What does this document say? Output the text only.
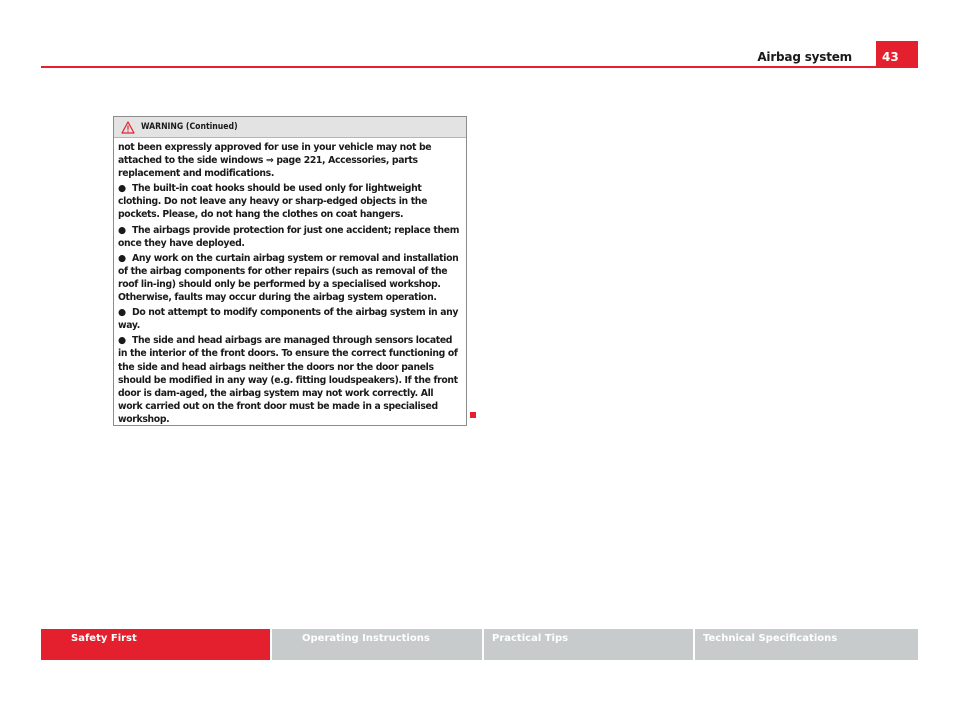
Airbag system	43
WARNING (Continued)

not been expressly approved for use in your vehicle may not be attached to the side windows ⇒ page 221, Accessories, parts replacement and modifications.

● The built-in coat hooks should be used only for lightweight clothing. Do not leave any heavy or sharp-edged objects in the pockets. Please, do not hang the clothes on coat hangers.

● The airbags provide protection for just one accident; replace them once they have deployed.

● Any work on the curtain airbag system or removal and installation of the airbag components for other repairs (such as removal of the roof lin-ing) should only be performed by a specialised workshop. Otherwise, faults may occur during the airbag system operation.

● Do not attempt to modify components of the airbag system in any way.

● The side and head airbags are managed through sensors located in the interior of the front doors. To ensure the correct functioning of the side and head airbags neither the doors nor the door panels should be modified in any way (e.g. fitting loudspeakers). If the front door is dam-aged, the airbag system may not work correctly. All work carried out on the front door must be made in a specialised workshop.

Safety First	Operating Instructions	Practical Tips	Technical Specifications
